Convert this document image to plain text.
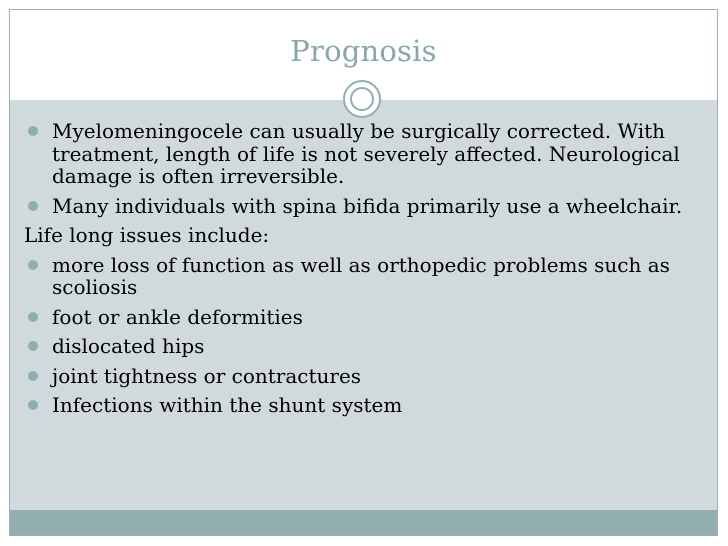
Prognosis
Myelomeningocele can usually be surgically corrected. With treatment, length of life is not severely affected. Neurological damage is often irreversible.
Many individuals with spina bifida primarily use a wheelchair.
Life long issues include:
more loss of function as well as orthopedic problems such as scoliosis
foot or ankle deformities
dislocated hips
joint tightness or contractures
Infections within the shunt system
